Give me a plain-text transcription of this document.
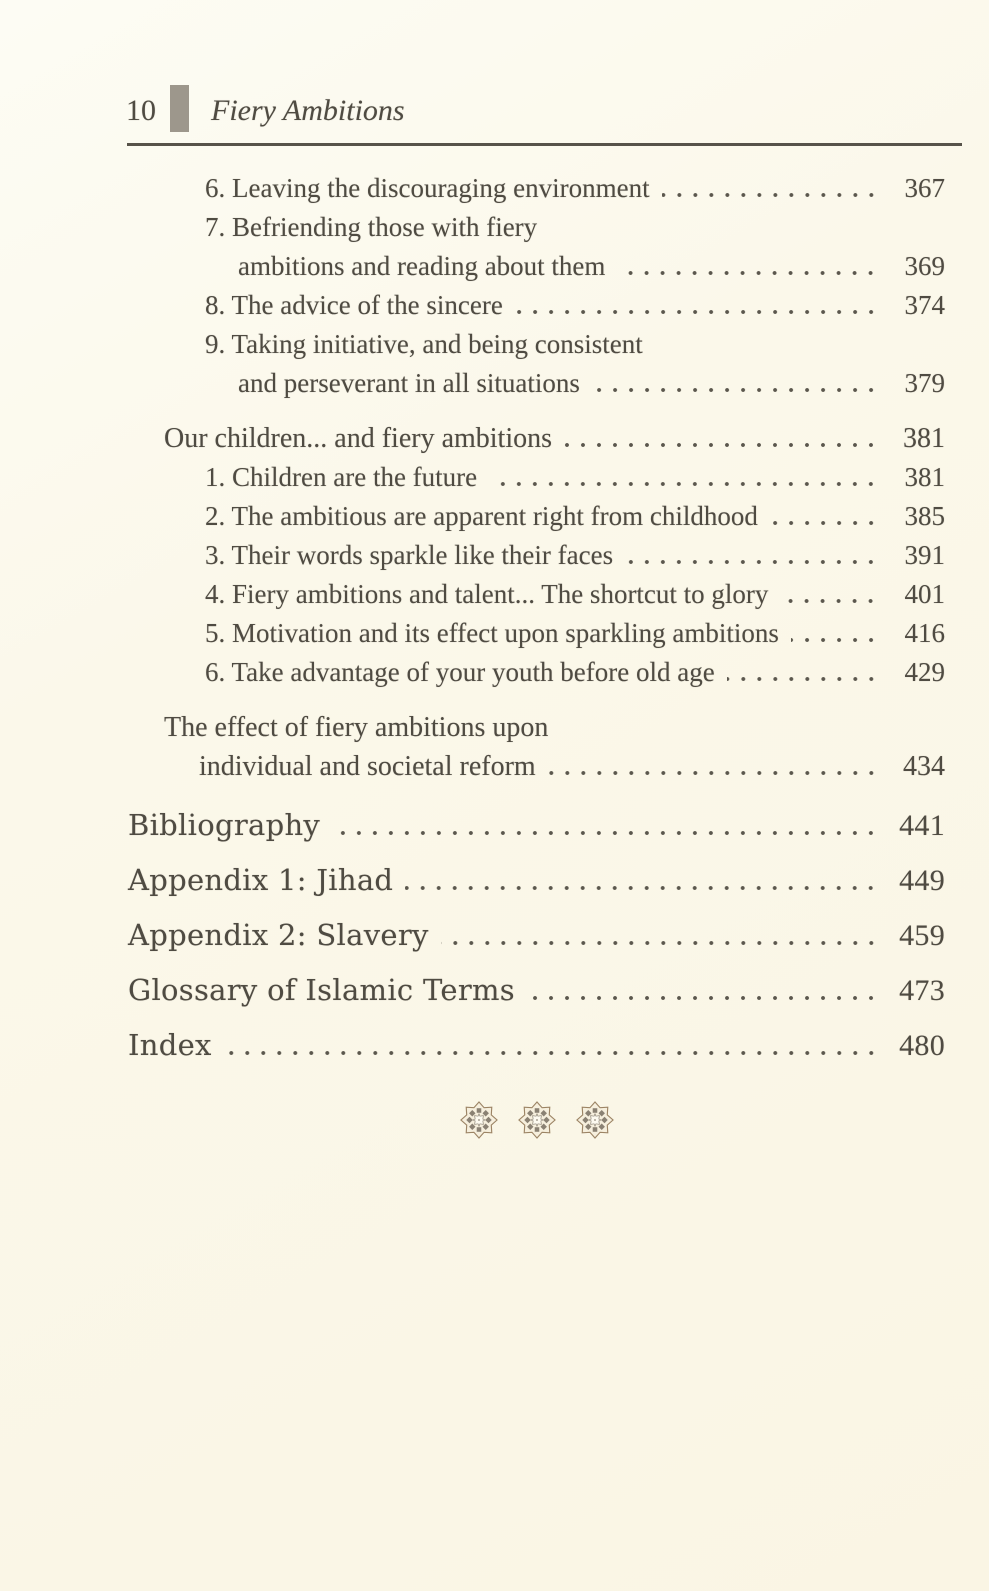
10 Fiery Ambitions
6. Leaving the discouraging environment	367
7. Befriending those with fiery
ambitions and reading about them	369
8. The advice of the sincere	374
9. Taking initiative, and being consistent
and perseverant in all situations	379
Our children... and fiery ambitions	381
1. Children are the future	381
2. The ambitious are apparent right from childhood	385
3. Their words sparkle like their faces	391
4. Fiery ambitions and talent... The shortcut to glory	401
5. Motivation and its effect upon sparkling ambitions	416
6. Take advantage of your youth before old age	429
The effect of fiery ambitions upon
individual and societal reform	434
Bibliography	441
Appendix 1: Jihad	449
Appendix 2: Slavery	459
Glossary of Islamic Terms	473
Index	480
